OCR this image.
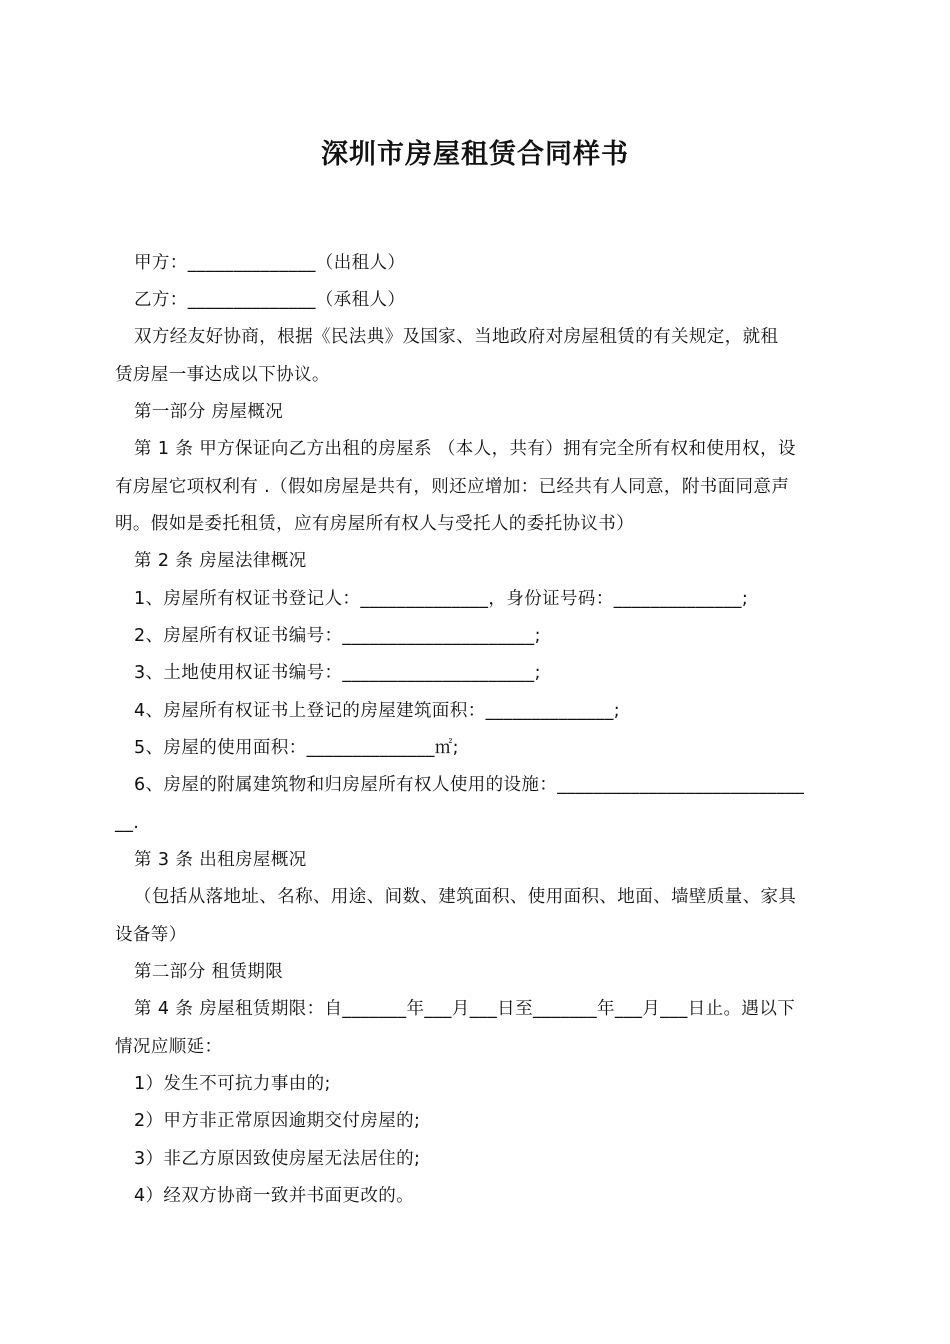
深圳市房屋租赁合同样书
甲方：______________（出租人）
乙方：______________（承租人）
双方经友好协商，根据《民法典》及国家、当地政府对房屋租赁的有关规定，就租
赁房屋一事达成以下协议。
第一部分 房屋概况
第 1 条 甲方保证向乙方出租的房屋系 （本人，共有）拥有完全所有权和使用权，设
有房屋它项权利有 .（假如房屋是共有，则还应增加：已经共有人同意，附书面同意声
明。假如是委托租赁，应有房屋所有权人与受托人的委托协议书）
第 2 条 房屋法律概况
1、房屋所有权证书登记人：______________，身份证号码：______________;
2、房屋所有权证书编号：_____________________;
3、土地使用权证书编号：_____________________;
4、房屋所有权证书上登记的房屋建筑面积：______________;
5、房屋的使用面积：______________㎡;
6、房屋的附属建筑物和归房屋所有权人使用的设施：___________________________
__.
第 3 条 出租房屋概况
（包括从落地址、名称、用途、间数、建筑面积、使用面积、地面、墙壁质量、家具
设备等）
第二部分 租赁期限
第 4 条 房屋租赁期限：自_______年___月___日至_______年___月___日止。遇以下
情况应顺延：
1）发生不可抗力事由的;
2）甲方非正常原因逾期交付房屋的;
3）非乙方原因致使房屋无法居住的;
4）经双方协商一致并书面更改的。
